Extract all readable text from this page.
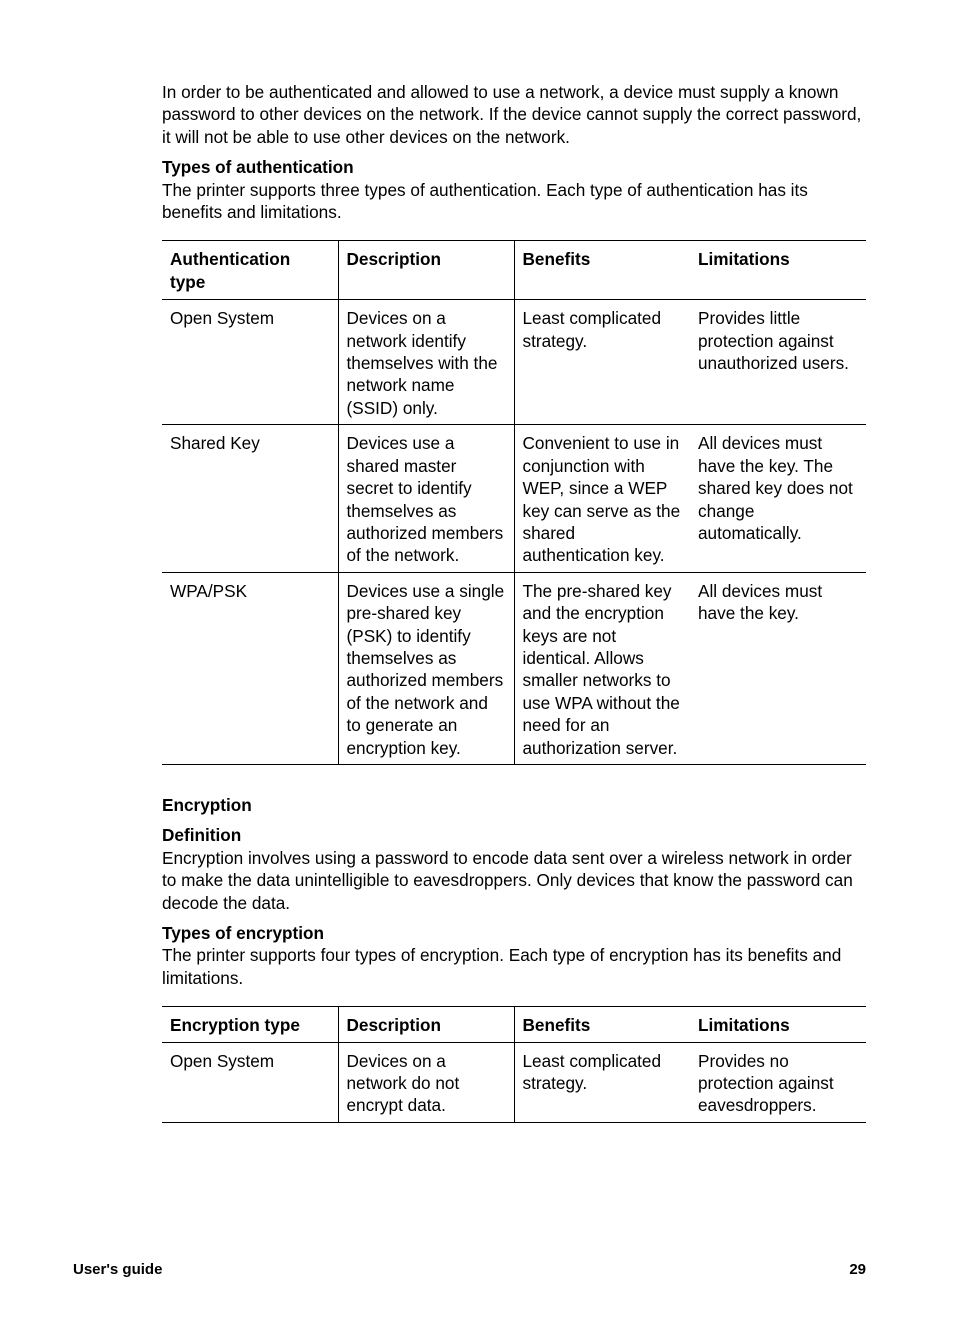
In order to be authenticated and allowed to use a network, a device must supply a known password to other devices on the network. If the device cannot supply the correct password, it will not be able to use other devices on the network.

Types of authentication

The printer supports three types of authentication. Each type of authentication has its benefits and limitations.

Authentication type	Description	Benefits	Limitations
Open System	Devices on a network identify themselves with the network name (SSID) only.	Least complicated strategy.	Provides little protection against unauthorized users.
Shared Key	Devices use a shared master secret to identify themselves as authorized members of the network.	Convenient to use in conjunction with WEP, since a WEP key can serve as the shared authentication key.	All devices must have the key. The shared key does not change automatically.
WPA/PSK	Devices use a single pre-shared key (PSK) to identify themselves as authorized members of the network and to generate an encryption key.	The pre-shared key and the encryption keys are not identical. Allows smaller networks to use WPA without the need for an authorization server.	All devices must have the key.
Encryption
Definition

Encryption involves using a password to encode data sent over a wireless network in order to make the data unintelligible to eavesdroppers. Only devices that know the password can decode the data.

Types of encryption

The printer supports four types of encryption. Each type of encryption has its benefits and limitations.

Encryption type	Description	Benefits	Limitations
Open System	Devices on a network do not encrypt data.	Least complicated strategy.	Provides no protection against eavesdroppers.
User's guide	29
